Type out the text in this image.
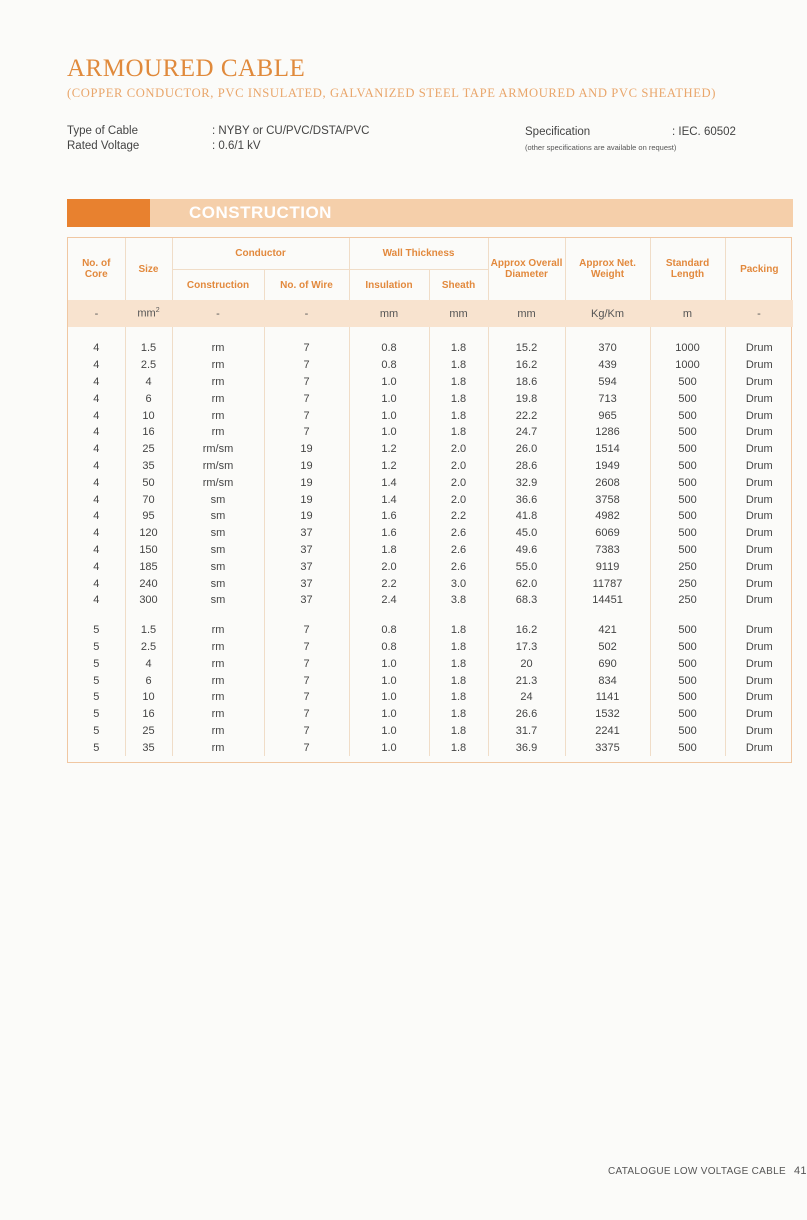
ARMOURED CABLE
(COPPER CONDUCTOR, PVC INSULATED, GALVANIZED STEEL TAPE ARMOURED AND PVC SHEATHED)
Type of Cable	: NYBY or CU/PVC/DSTA/PVC
Rated Voltage	: 0.6/1 kV
Specification	: IEC. 60502
(other specifications are available on request)
CONSTRUCTION
No. of Core	Size	Conductor		Wall Thickness		Approx Overall Diameter	Approx Net. Weight	Standard Length	Packing
		Construction	No. of Wire	Insulation	Sheath				
-	$mm^2$	-	-	mm	mm	mm	Kg/Km	m	-

4	1.5	rm	7	0.8	1.8	15.2	370	1000	Drum
4	2.5	rm	7	0.8	1.8	16.2	439	1000	Drum
4	4	rm	7	1.0	1.8	18.6	594	500	Drum
4	6	rm	7	1.0	1.8	19.8	713	500	Drum
4	10	rm	7	1.0	1.8	22.2	965	500	Drum
4	16	rm	7	1.0	1.8	24.7	1286	500	Drum
4	25	rm/sm	19	1.2	2.0	26.0	1514	500	Drum
4	35	rm/sm	19	1.2	2.0	28.6	1949	500	Drum
4	50	rm/sm	19	1.4	2.0	32.9	2608	500	Drum
4	70	sm	19	1.4	2.0	36.6	3758	500	Drum
4	95	sm	19	1.6	2.2	41.8	4982	500	Drum
4	120	sm	37	1.6	2.6	45.0	6069	500	Drum
4	150	sm	37	1.8	2.6	49.6	7383	500	Drum
4	185	sm	37	2.0	2.6	55.0	9119	250	Drum
4	240	sm	37	2.2	3.0	62.0	11787	250	Drum
4	300	sm	37	2.4	3.8	68.3	14451	250	Drum

5	1.5	rm	7	0.8	1.8	16.2	421	500	Drum
5	2.5	rm	7	0.8	1.8	17.3	502	500	Drum
5	4	rm	7	1.0	1.8	20	690	500	Drum
5	6	rm	7	1.0	1.8	21.3	834	500	Drum
5	10	rm	7	1.0	1.8	24	1141	500	Drum
5	16	rm	7	1.0	1.8	26.6	1532	500	Drum
5	25	rm	7	1.0	1.8	31.7	2241	500	Drum
5	35	rm	7	1.0	1.8	36.9	3375	500	Drum
CATALOGUE LOW VOLTAGE CABLE 41
